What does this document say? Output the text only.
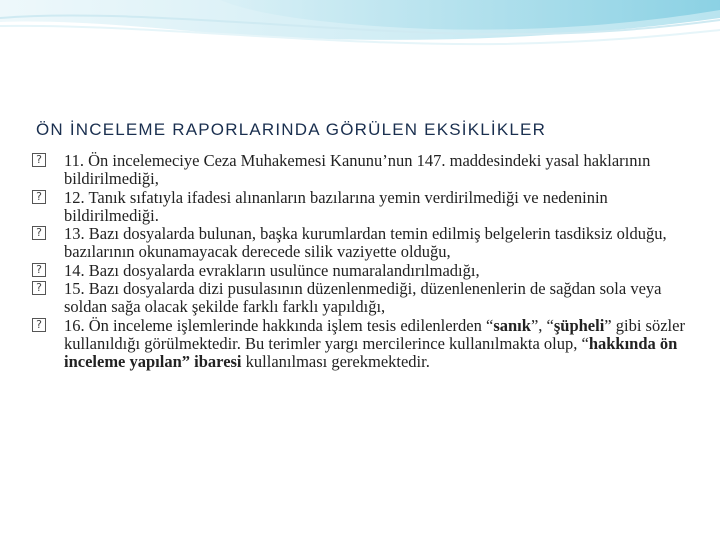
ÖN İNCELEME RAPORLARINDA GÖRÜLEN EKSİKLİKLER
? 11. Ön incelemeciye Ceza Muhakemesi Kanunu’nun 147. maddesindeki yasal haklarının bildirilmediği,
? 12. Tanık sıfatıyla ifadesi alınanların bazılarına yemin verdirilmediği ve nedeninin bildirilmediği.
? 13. Bazı dosyalarda bulunan, başka kurumlardan temin edilmiş belgelerin tasdiksiz olduğu, bazılarının okunamayacak derecede silik vaziyette olduğu,
? 14. Bazı dosyalarda evrakların usulünce numaralandırılmadığı,
? 15. Bazı dosyalarda dizi pusulasının düzenlenmediği, düzenlenenlerin de sağdan sola veya soldan sağa olacak şekilde farklı farklı yapıldığı,
? 16. Ön inceleme işlemlerinde hakkında işlem tesis edilenlerden “sanık”, “şüpheli” gibi sözler kullanıldığı görülmektedir. Bu terimler yargı mercilerince kullanılmakta olup, “hakkında ön inceleme yapılan” ibaresi kullanılması gerekmektedir.
